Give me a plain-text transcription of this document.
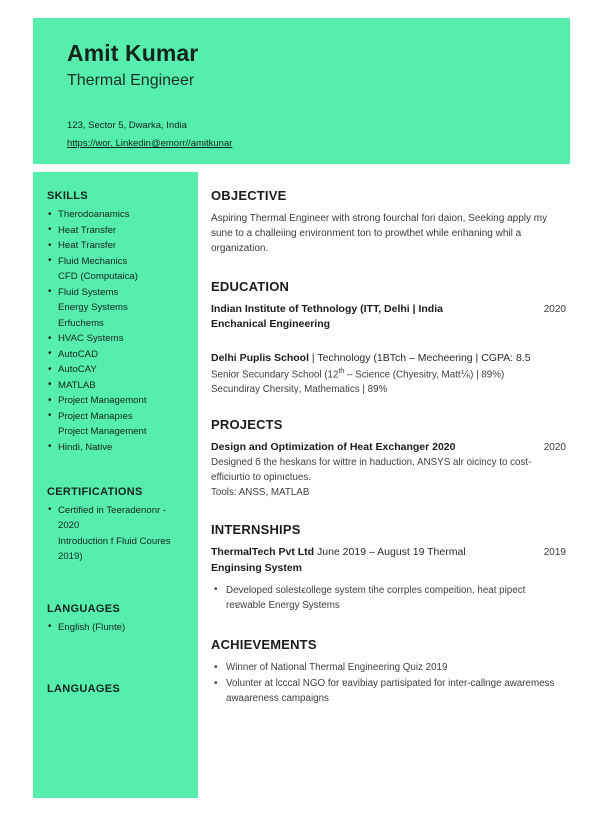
Amit Kumar
Thermal Engineer
123, Sector 5, Dwarka, India
https://wor. Linkedin@emorr//amitkunar
SKILLS
• Therodoanamics
• Heat Transfer
• Heat Transfer
• Fluid Mechanics
CFD (Computaica)
• Fluid Systems
Energy Systems
Erfuchems
• HVAC Systems
• AutoCAD
• AutoCAY
• MATLAB
• Project Managemont
• Project Manapıes
Project Management
• Hindi, Native
CERTIFICATIONS
• Certified in Teeradenonr - 2020
Introduction f Fluid Coures 2019)
LANGUAGES
• English (Flunte)
LANGUAGES
OBJECTIVE
Aspiring Thermal Engineer with strong fourchal fori daion, Seeking apply my sune to a challeiing environment ton to prowthet while enhaning whil a organization.
EDUCATION
Indian Institute of Tethnology (ITT, Delhi | India	2020
Enchanical Engineering
Delhi Puplis School | Technology (1BTch – Mecheering | CGPA: 8.5
Senior Secundary School (12th – Science (Chyesitry, Matt⅙) | 89%)
Secundiray Chersitγ, Mathematics | 89%
PROJECTS
Design and Optimization of Heat Exchanger 2020	2020
Designed б the heskans for wittre in haduction. ANSYS alr oicincy to cost-efficiurtio to opinıctues.
Tools: ANSS, MATLAB
INTERNSHIPS
ThermalTech Pvt Ltd June 2019 – August 19 Thermal	2019
Enginsing System
• Developed solestꞓollege system tihe corrples compeition, heat pipect reɐwable Energy Systems
ACHIEVEMENTS
• Winner of National Thermal Engineering Quiz 2019
• Volunter at lcccal NGO for ɐavibiay partisipated for inter-callnge awaremess awaareness campaigns
